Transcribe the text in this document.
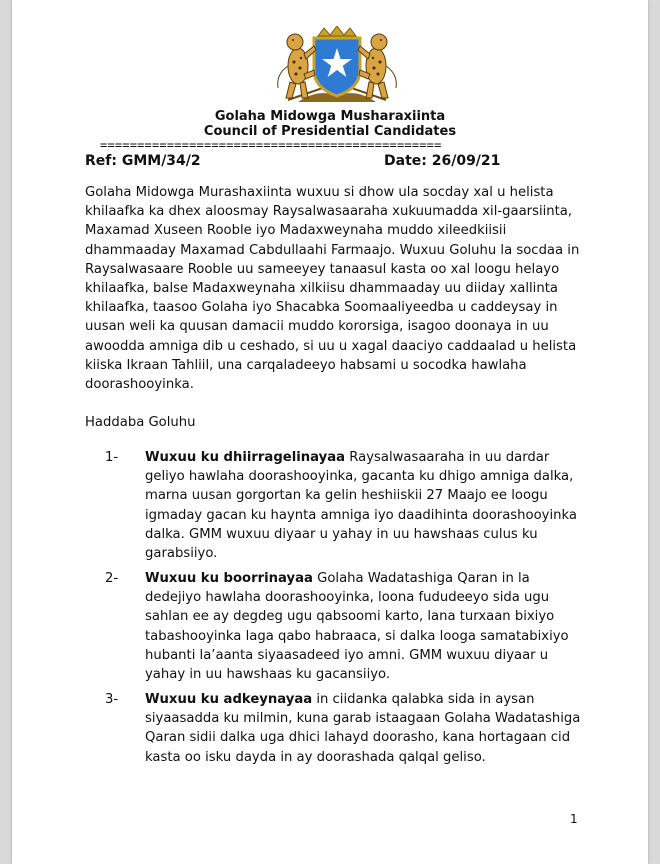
Golaha Midowga Musharaxiinta
Council of Presidential Candidates
==============================================
Ref: GMM/34/2	Date: 26/09/21
Golaha Midowga Murashaxiinta wuxuu si dhow ula socday xal u helista khilaafka ka dhex aloosmay Raysalwasaaraha xukuumadda xil-gaarsiinta, Maxamad Xuseen Rooble iyo Madaxweynaha muddo xileedkiisii dhammaaday Maxamad Cabdullaahi Farmaajo. Wuxuu Goluhu la socdaa in Raysalwasaare Rooble uu sameeyey tanaasul kasta oo xal loogu helayo khilaafka, balse Madaxweynaha xilkiisu dhammaaday uu diiday xallinta khilaafka, taasoo Golaha iyo Shacabka Soomaaliyeedba u caddeysay in uusan weli ka quusan damacii muddo kororsiga, isagoo doonaya in uu awoodda amniga dib u ceshado, si uu u xagal daaciyo caddaalad u helista kiiska Ikraan Tahliil, una carqaladeeyo habsami u socodka hawlaha doorashooyinka.
Haddaba Goluhu
1- Wuxuu ku dhiirragelinayaa Raysalwasaaraha in uu dardar geliyo hawlaha doorashooyinka, gacanta ku dhigo amniga dalka, marna uusan gorgortan ka gelin heshiiskii 27 Maajo ee loogu igmaday gacan ku haynta amniga iyo daadihinta doorashooyinka dalka. GMM wuxuu diyaar u yahay in uu hawshaas culus ku garabsiiyo.
2- Wuxuu ku boorrinayaa Golaha Wadatashiga Qaran in la dedejiyo hawlaha doorashooyinka, loona fududeeyo sida ugu sahlan ee ay degdeg ugu qabsoomi karto, lana turxaan bixiyo tabashooyinka laga qabo habraaca, si dalka looga samatabixiyo hubanti la’aanta siyaasadeed iyo amni. GMM wuxuu diyaar u yahay in uu hawshaas ku gacansiiyo.
3- Wuxuu ku adkeynayaa in ciidanka qalabka sida in aysan siyaasadda ku milmin, kuna garab istaagaan Golaha Wadatashiga Qaran sidii dalka uga dhici lahayd doorasho, kana hortagaan cid kasta oo isku dayda in ay doorashada qalqal geliso.
1
